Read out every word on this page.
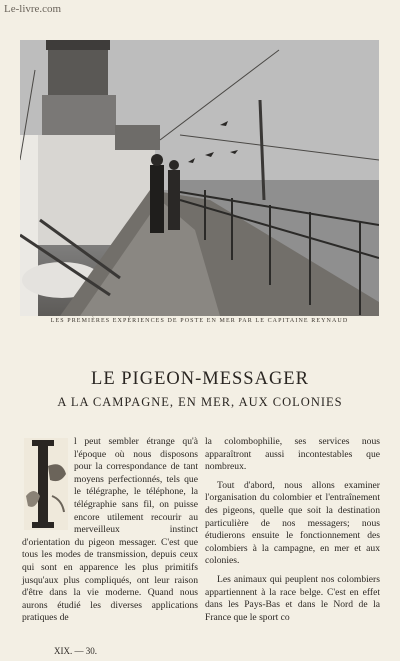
Le-livre.com
LES PREMIÈRES EXPÉRIENCES DE POSTE EN MER PAR LE CAPITAINE REYNAUD
LE PIGEON-MESSAGER
A LA CAMPAGNE, EN MER, AUX COLONIES

l peut sembler étrange qu'à l'époque où nous disposons pour la correspondance de tant moyens perfectionnés, tels que le télégraphe, le téléphone, la télégraphie sans fil, on puisse encore utilement recourir au merveilleux instinct d'orientation du pigeon messager. C'est que tous les modes de transmission, depuis ceux qui sont en apparence les plus primitifs jusqu'aux plus compliqués, ont leur raison d'être dans la vie moderne. Quand nous aurons étudié les diverses applications pratiques de

la colombophilie, ses services nous apparaîtront aussi incontestables que nombreux.

Tout d'abord, nous allons examiner l'organisation du colombier et l'entraînement des pigeons, quelle que soit la destination particulière de nos messagers; nous étudierons ensuite le fonctionnement des colombiers à la campagne, en mer et aux colonies.

Les animaux qui peuplent nos colombiers appartiennent à la race belge. C'est en effet dans les Pays-Bas et dans le Nord de la France que le sport co

XIX. — 30.
